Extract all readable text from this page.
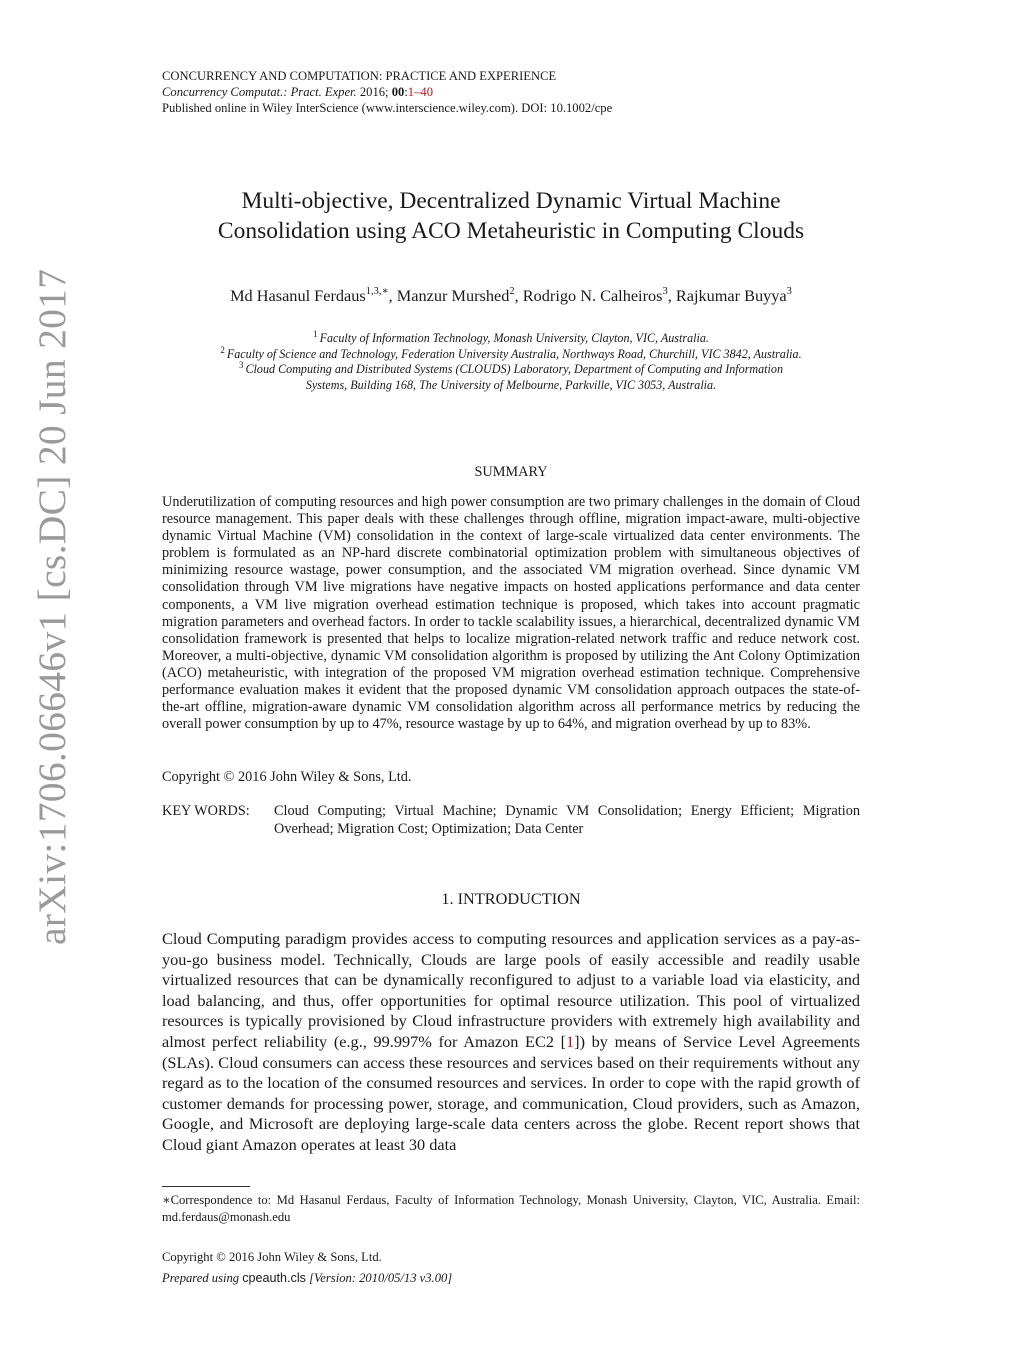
CONCURRENCY AND COMPUTATION: PRACTICE AND EXPERIENCE
Concurrency Computat.: Pract. Exper. 2016; 00:1–40
Published online in Wiley InterScience (www.interscience.wiley.com). DOI: 10.1002/cpe
arXiv:1706.06646v1 [cs.DC] 20 Jun 2017
Multi-objective, Decentralized Dynamic Virtual Machine
Consolidation using ACO Metaheuristic in Computing Clouds
Md Hasanul Ferdaus$^{1,3,∗}$, Manzur Murshed$^2$, Rodrigo N. Calheiros$^3$, Rajkumar Buyya$^3$
$^1$ Faculty of Information Technology, Monash University, Clayton, VIC, Australia.
$^2$ Faculty of Science and Technology, Federation University Australia, Northways Road, Churchill, VIC 3842, Australia.
$^3$ Cloud Computing and Distributed Systems (CLOUDS) Laboratory, Department of Computing and Information
Systems, Building 168, The University of Melbourne, Parkville, VIC 3053, Australia.
SUMMARY

Underutilization of computing resources and high power consumption are two primary challenges in the domain of Cloud resource management. This paper deals with these challenges through offline, migration impact-aware, multi-objective dynamic Virtual Machine (VM) consolidation in the context of large-scale virtualized data center environments. The problem is formulated as an NP-hard discrete combinatorial optimization problem with simultaneous objectives of minimizing resource wastage, power consumption, and the associated VM migration overhead. Since dynamic VM consolidation through VM live migrations have negative impacts on hosted applications performance and data center components, a VM live migration overhead estimation technique is proposed, which takes into account pragmatic migration parameters and overhead factors. In order to tackle scalability issues, a hierarchical, decentralized dynamic VM consolidation framework is presented that helps to localize migration-related network traffic and reduce network cost. Moreover, a multi-objective, dynamic VM consolidation algorithm is proposed by utilizing the Ant Colony Optimization (ACO) metaheuristic, with integration of the proposed VM migration overhead estimation technique. Comprehensive performance evaluation makes it evident that the proposed dynamic VM consolidation approach outpaces the state-of-the-art offline, migration-aware dynamic VM consolidation algorithm across all performance metrics by reducing the overall power consumption by up to 47%, resource wastage by up to 64%, and migration overhead by up to 83%.

Copyright © 2016 John Wiley & Sons, Ltd.
KEY WORDS: Cloud Computing; Virtual Machine; Dynamic VM Consolidation; Energy Efficient; Migration Overhead; Migration Cost; Optimization; Data Center
1. INTRODUCTION

Cloud Computing paradigm provides access to computing resources and application services as a pay-as-you-go business model. Technically, Clouds are large pools of easily accessible and readily usable virtualized resources that can be dynamically reconfigured to adjust to a variable load via elasticity, and load balancing, and thus, offer opportunities for optimal resource utilization. This pool of virtualized resources is typically provisioned by Cloud infrastructure providers with extremely high availability and almost perfect reliability (e.g., 99.997% for Amazon EC2 [1]) by means of Service Level Agreements (SLAs). Cloud consumers can access these resources and services based on their requirements without any regard as to the location of the consumed resources and services. In order to cope with the rapid growth of customer demands for processing power, storage, and communication, Cloud providers, such as Amazon, Google, and Microsoft are deploying large-scale data centers across the globe. Recent report shows that Cloud giant Amazon operates at least 30 data

∗Correspondence to: Md Hasanul Ferdaus, Faculty of Information Technology, Monash University, Clayton, VIC, Australia. Email: md.ferdaus@monash.edu

Copyright © 2016 John Wiley & Sons, Ltd.
Prepared using cpeauth.cls [Version: 2010/05/13 v3.00]
